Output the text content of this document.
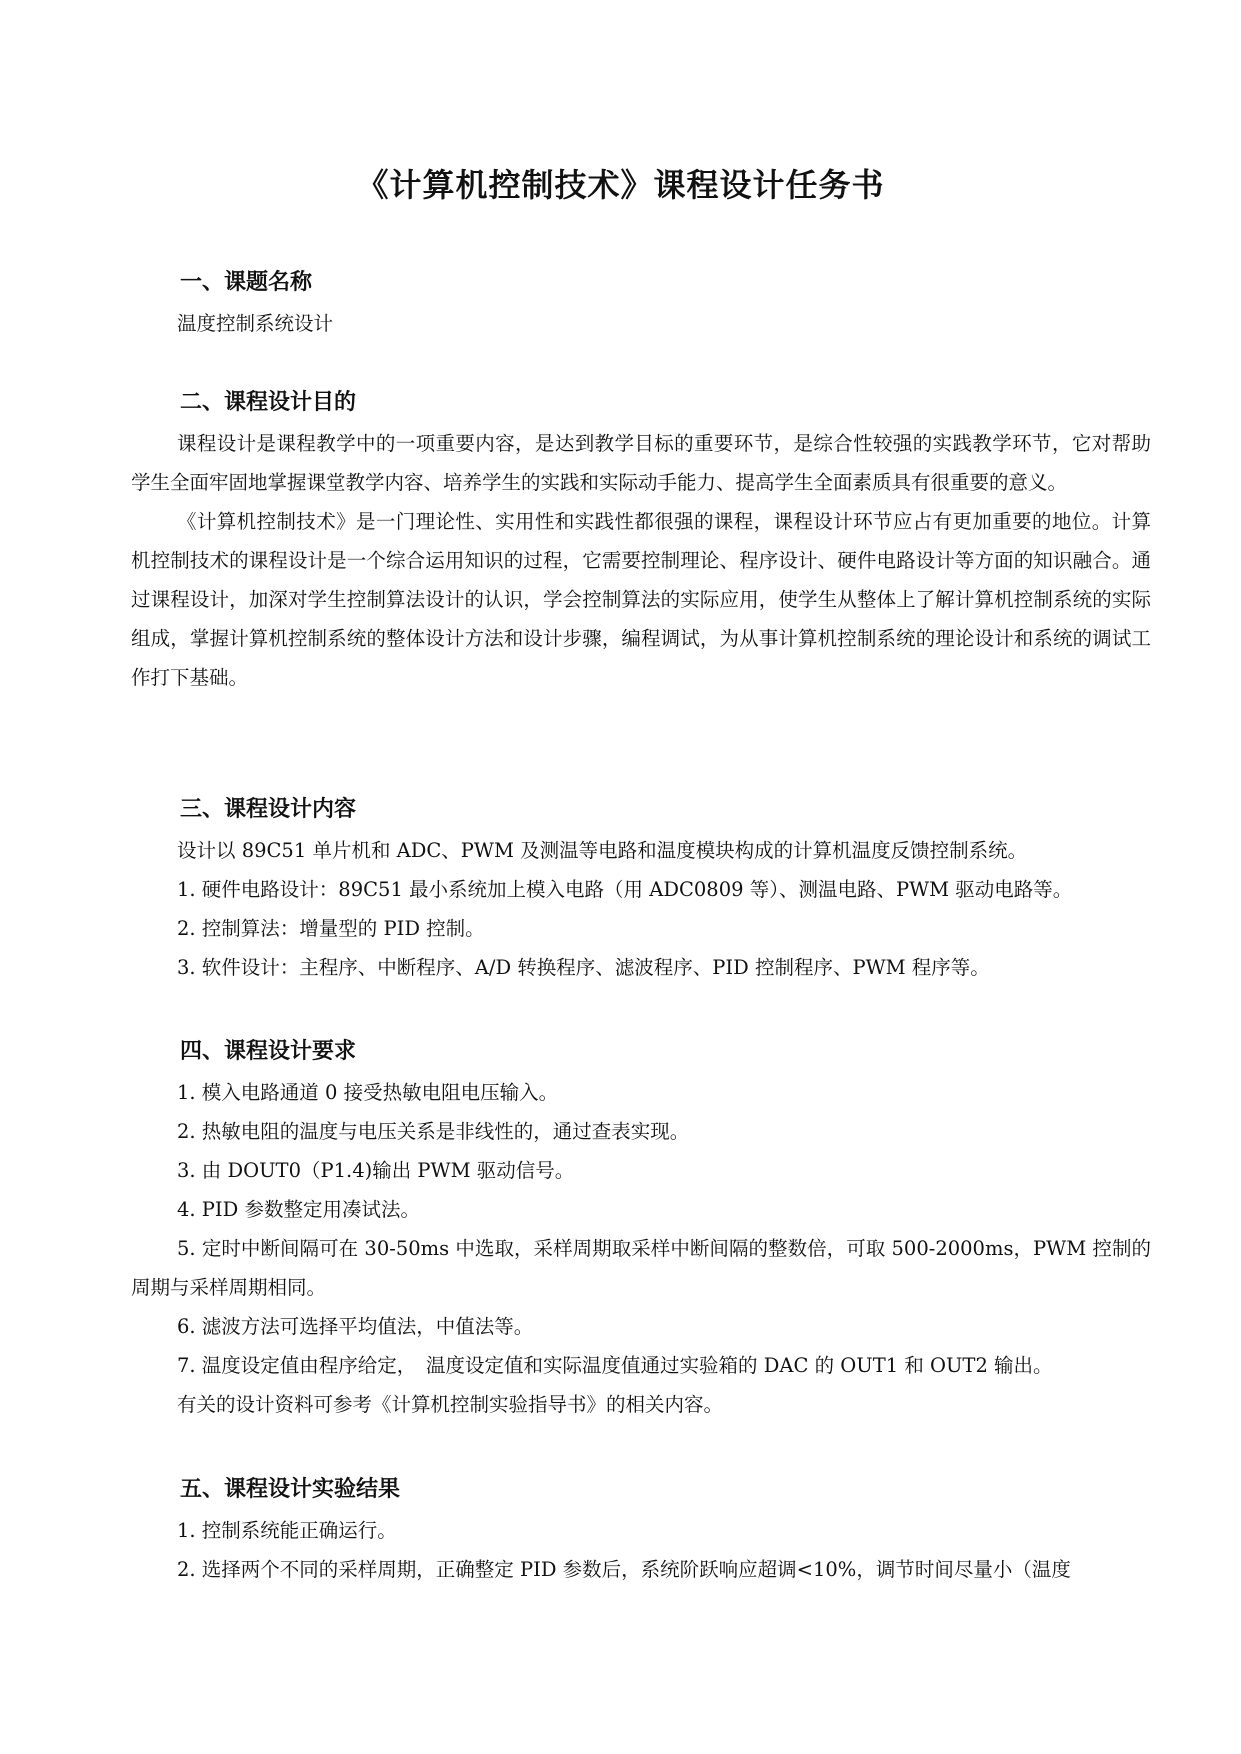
《计算机控制技术》课程设计任务书
一、课题名称
温度控制系统设计
二、课程设计目的
课程设计是课程教学中的一项重要内容，是达到教学目标的重要环节，是综合性较强的实践教学环节，它对帮助学生全面牢固地掌握课堂教学内容、培养学生的实践和实际动手能力、提高学生全面素质具有很重要的意义。
《计算机控制技术》是一门理论性、实用性和实践性都很强的课程，课程设计环节应占有更加重要的地位。计算机控制技术的课程设计是一个综合运用知识的过程，它需要控制理论、程序设计、硬件电路设计等方面的知识融合。通过课程设计，加深对学生控制算法设计的认识，学会控制算法的实际应用，使学生从整体上了解计算机控制系统的实际组成，掌握计算机控制系统的整体设计方法和设计步骤，编程调试，为从事计算机控制系统的理论设计和系统的调试工作打下基础。
三、课程设计内容
设计以 89C51 单片机和 ADC、PWM 及测温等电路和温度模块构成的计算机温度反馈控制系统。
1. 硬件电路设计：89C51 最小系统加上模入电路（用 ADC0809 等）、测温电路、PWM 驱动电路等。
2. 控制算法：增量型的 PID 控制。
3. 软件设计：主程序、中断程序、A/D 转换程序、滤波程序、PID 控制程序、PWM 程序等。
四、课程设计要求
1. 模入电路通道 0 接受热敏电阻电压输入。
2. 热敏电阻的温度与电压关系是非线性的，通过查表实现。
3. 由 DOUT0（P1.4)输出 PWM 驱动信号。
4. PID 参数整定用凑试法。
5. 定时中断间隔可在 30-50ms 中选取，采样周期取采样中断间隔的整数倍，可取 500-2000ms，PWM 控制的周期与采样周期相同。
6. 滤波方法可选择平均值法，中值法等。
7. 温度设定值由程序给定，　温度设定值和实际温度值通过实验箱的 DAC 的 OUT1 和 OUT2 输出。
有关的设计资料可参考《计算机控制实验指导书》的相关内容。
五、课程设计实验结果
1. 控制系统能正确运行。
2. 选择两个不同的采样周期，正确整定 PID 参数后，系统阶跃响应超调<10%，调节时间尽量小（温度
